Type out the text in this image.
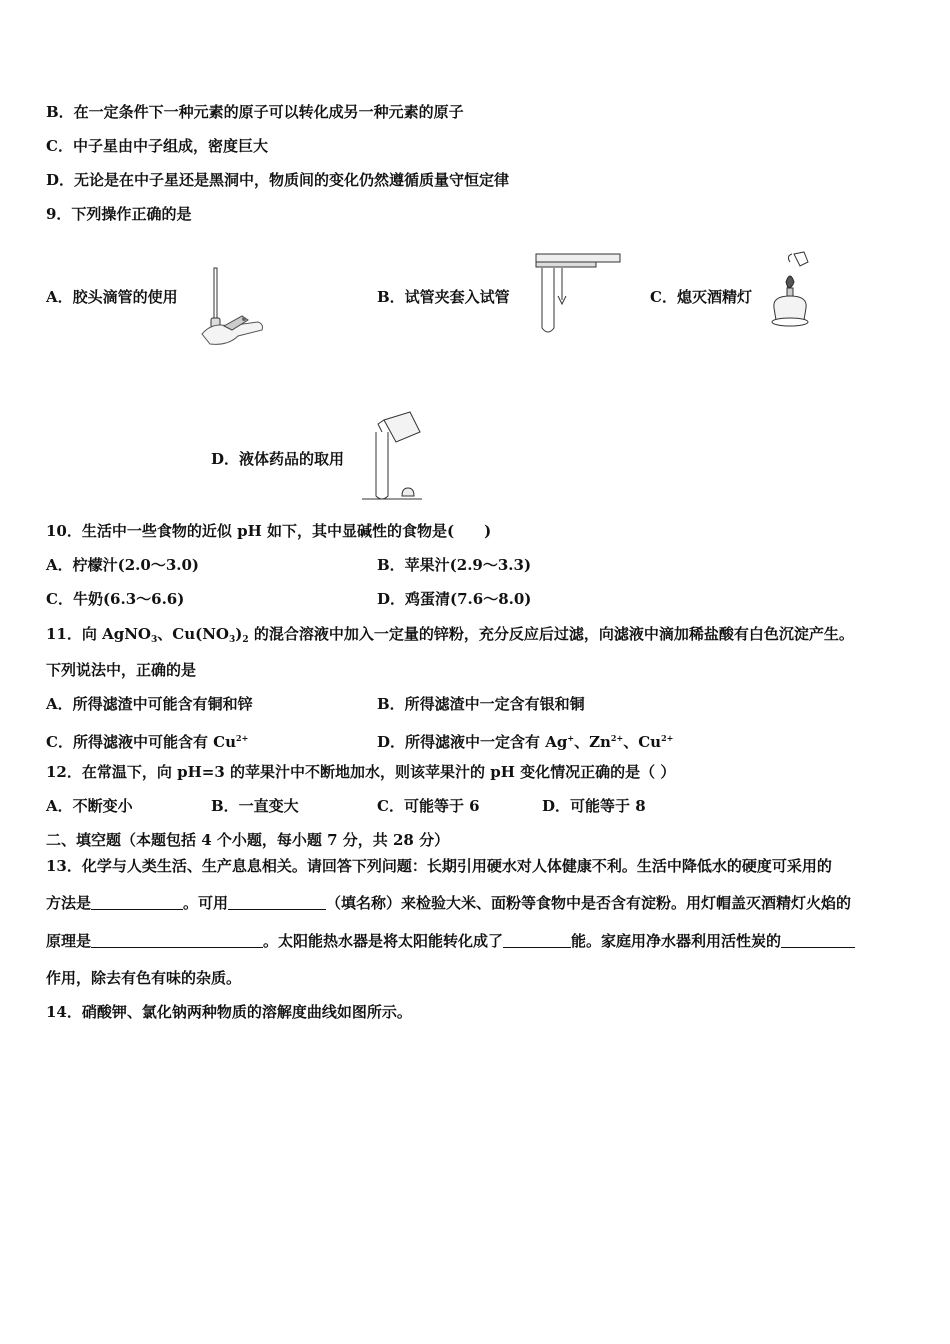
B．在一定条件下一种元素的原子可以转化成另一种元素的原子
C．中子星由中子组成，密度巨大
D．无论是在中子星还是黑洞中，物质间的变化仍然遵循质量守恒定律
9．下列操作正确的是
A．胶头滴管的使用	B．试管夹套入试管	C．熄灭酒精灯
D．液体药品的取用
10．生活中一些食物的近似 pH 如下，其中显碱性的食物是(　　)
A．柠檬汁(2.0～3.0)	B．苹果汁(2.9～3.3)
C．牛奶(6.3～6.6)	D．鸡蛋清(7.6～8.0)
11．向 AgNO$_3$、$Cu(NO_3)_2$ 的混合溶液中加入一定量的锌粉，充分反应后过滤，向滤液中滴加稀盐酸有白色沉淀产生。
下列说法中，正确的是
A．所得滤渣中可能含有铜和锌	B．所得滤渣中一定含有银和铜
C．所得滤液中可能含有 $Cu^{2+}$	D．所得滤液中一定含有 Ag+、$Zn^{2+}$、$Cu^{2+}$
12．在常温下，向 pH=3 的苹果汁中不断地加水，则该苹果汁的 pH 变化情况正确的是（ ）
A．不断变小	B．一直变大	C．可能等于 6	D．可能等于 8
二、填空题（本题包括 4 个小题，每小题 7 分，共 28 分）
13．化学与人类生活、生产息息相关。请回答下列问题：长期引用硬水对人体健康不利。生活中降低水的硬度可采用的
方法是	。可用	（填名称）来检验大米、面粉等食物中是否含有淀粉。用灯帽盖灭酒精灯火焰的
原理是	。太阳能热水器是将太阳能转化成了	能。家庭用净水器利用活性炭的
作用，除去有色有味的杂质。
14．硝酸钾、氯化钠两种物质的溶解度曲线如图所示。
